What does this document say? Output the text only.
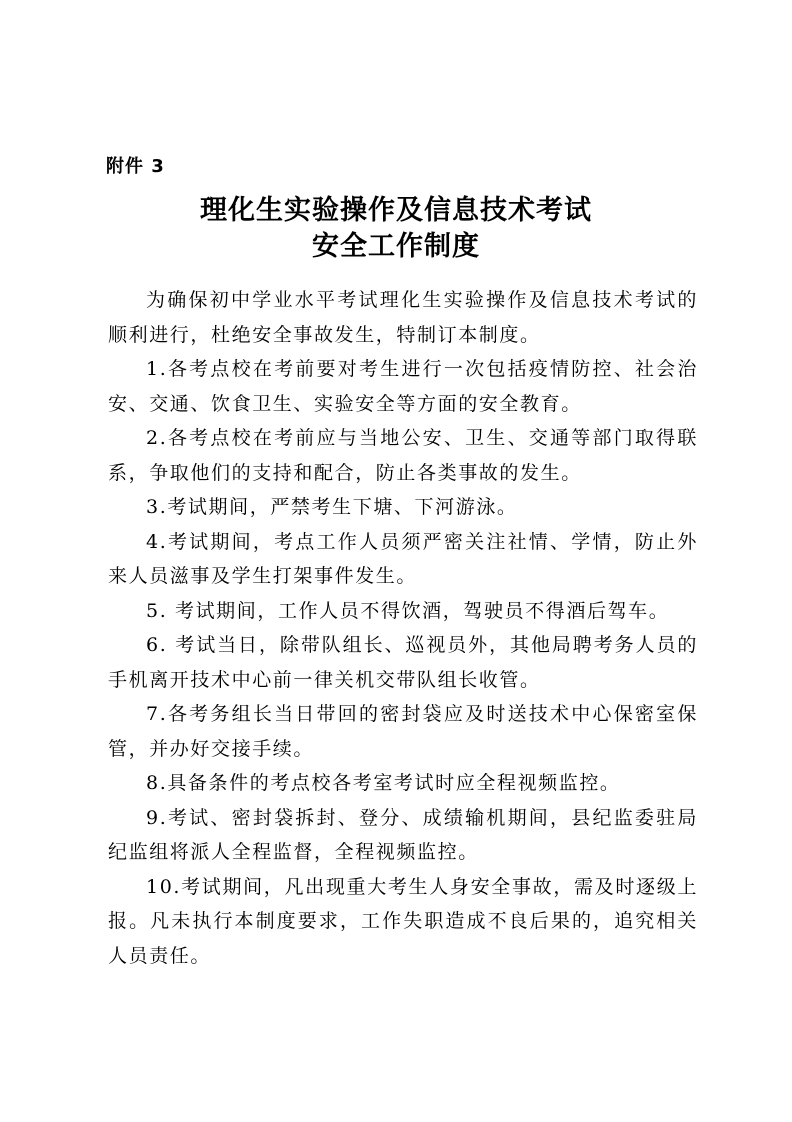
附件 3
理化生实验操作及信息技术考试
安全工作制度

为确保初中学业水平考试理化生实验操作及信息技术考试的顺利进行，杜绝安全事故发生，特制订本制度。

1.各考点校在考前要对考生进行一次包括疫情防控、社会治安、交通、饮食卫生、实验安全等方面的安全教育。

2.各考点校在考前应与当地公安、卫生、交通等部门取得联系，争取他们的支持和配合，防止各类事故的发生。

3.考试期间，严禁考生下塘、下河游泳。

4.考试期间，考点工作人员须严密关注社情、学情，防止外来人员滋事及学生打架事件发生。

5. 考试期间，工作人员不得饮酒，驾驶员不得酒后驾车。

6. 考试当日，除带队组长、巡视员外，其他局聘考务人员的手机离开技术中心前一律关机交带队组长收管。

7.各考务组长当日带回的密封袋应及时送技术中心保密室保管，并办好交接手续。

8.具备条件的考点校各考室考试时应全程视频监控。

9.考试、密封袋拆封、登分、成绩输机期间，县纪监委驻局纪监组将派人全程监督，全程视频监控。

10.考试期间，凡出现重大考生人身安全事故，需及时逐级上报。凡未执行本制度要求，工作失职造成不良后果的，追究相关人员责任。
